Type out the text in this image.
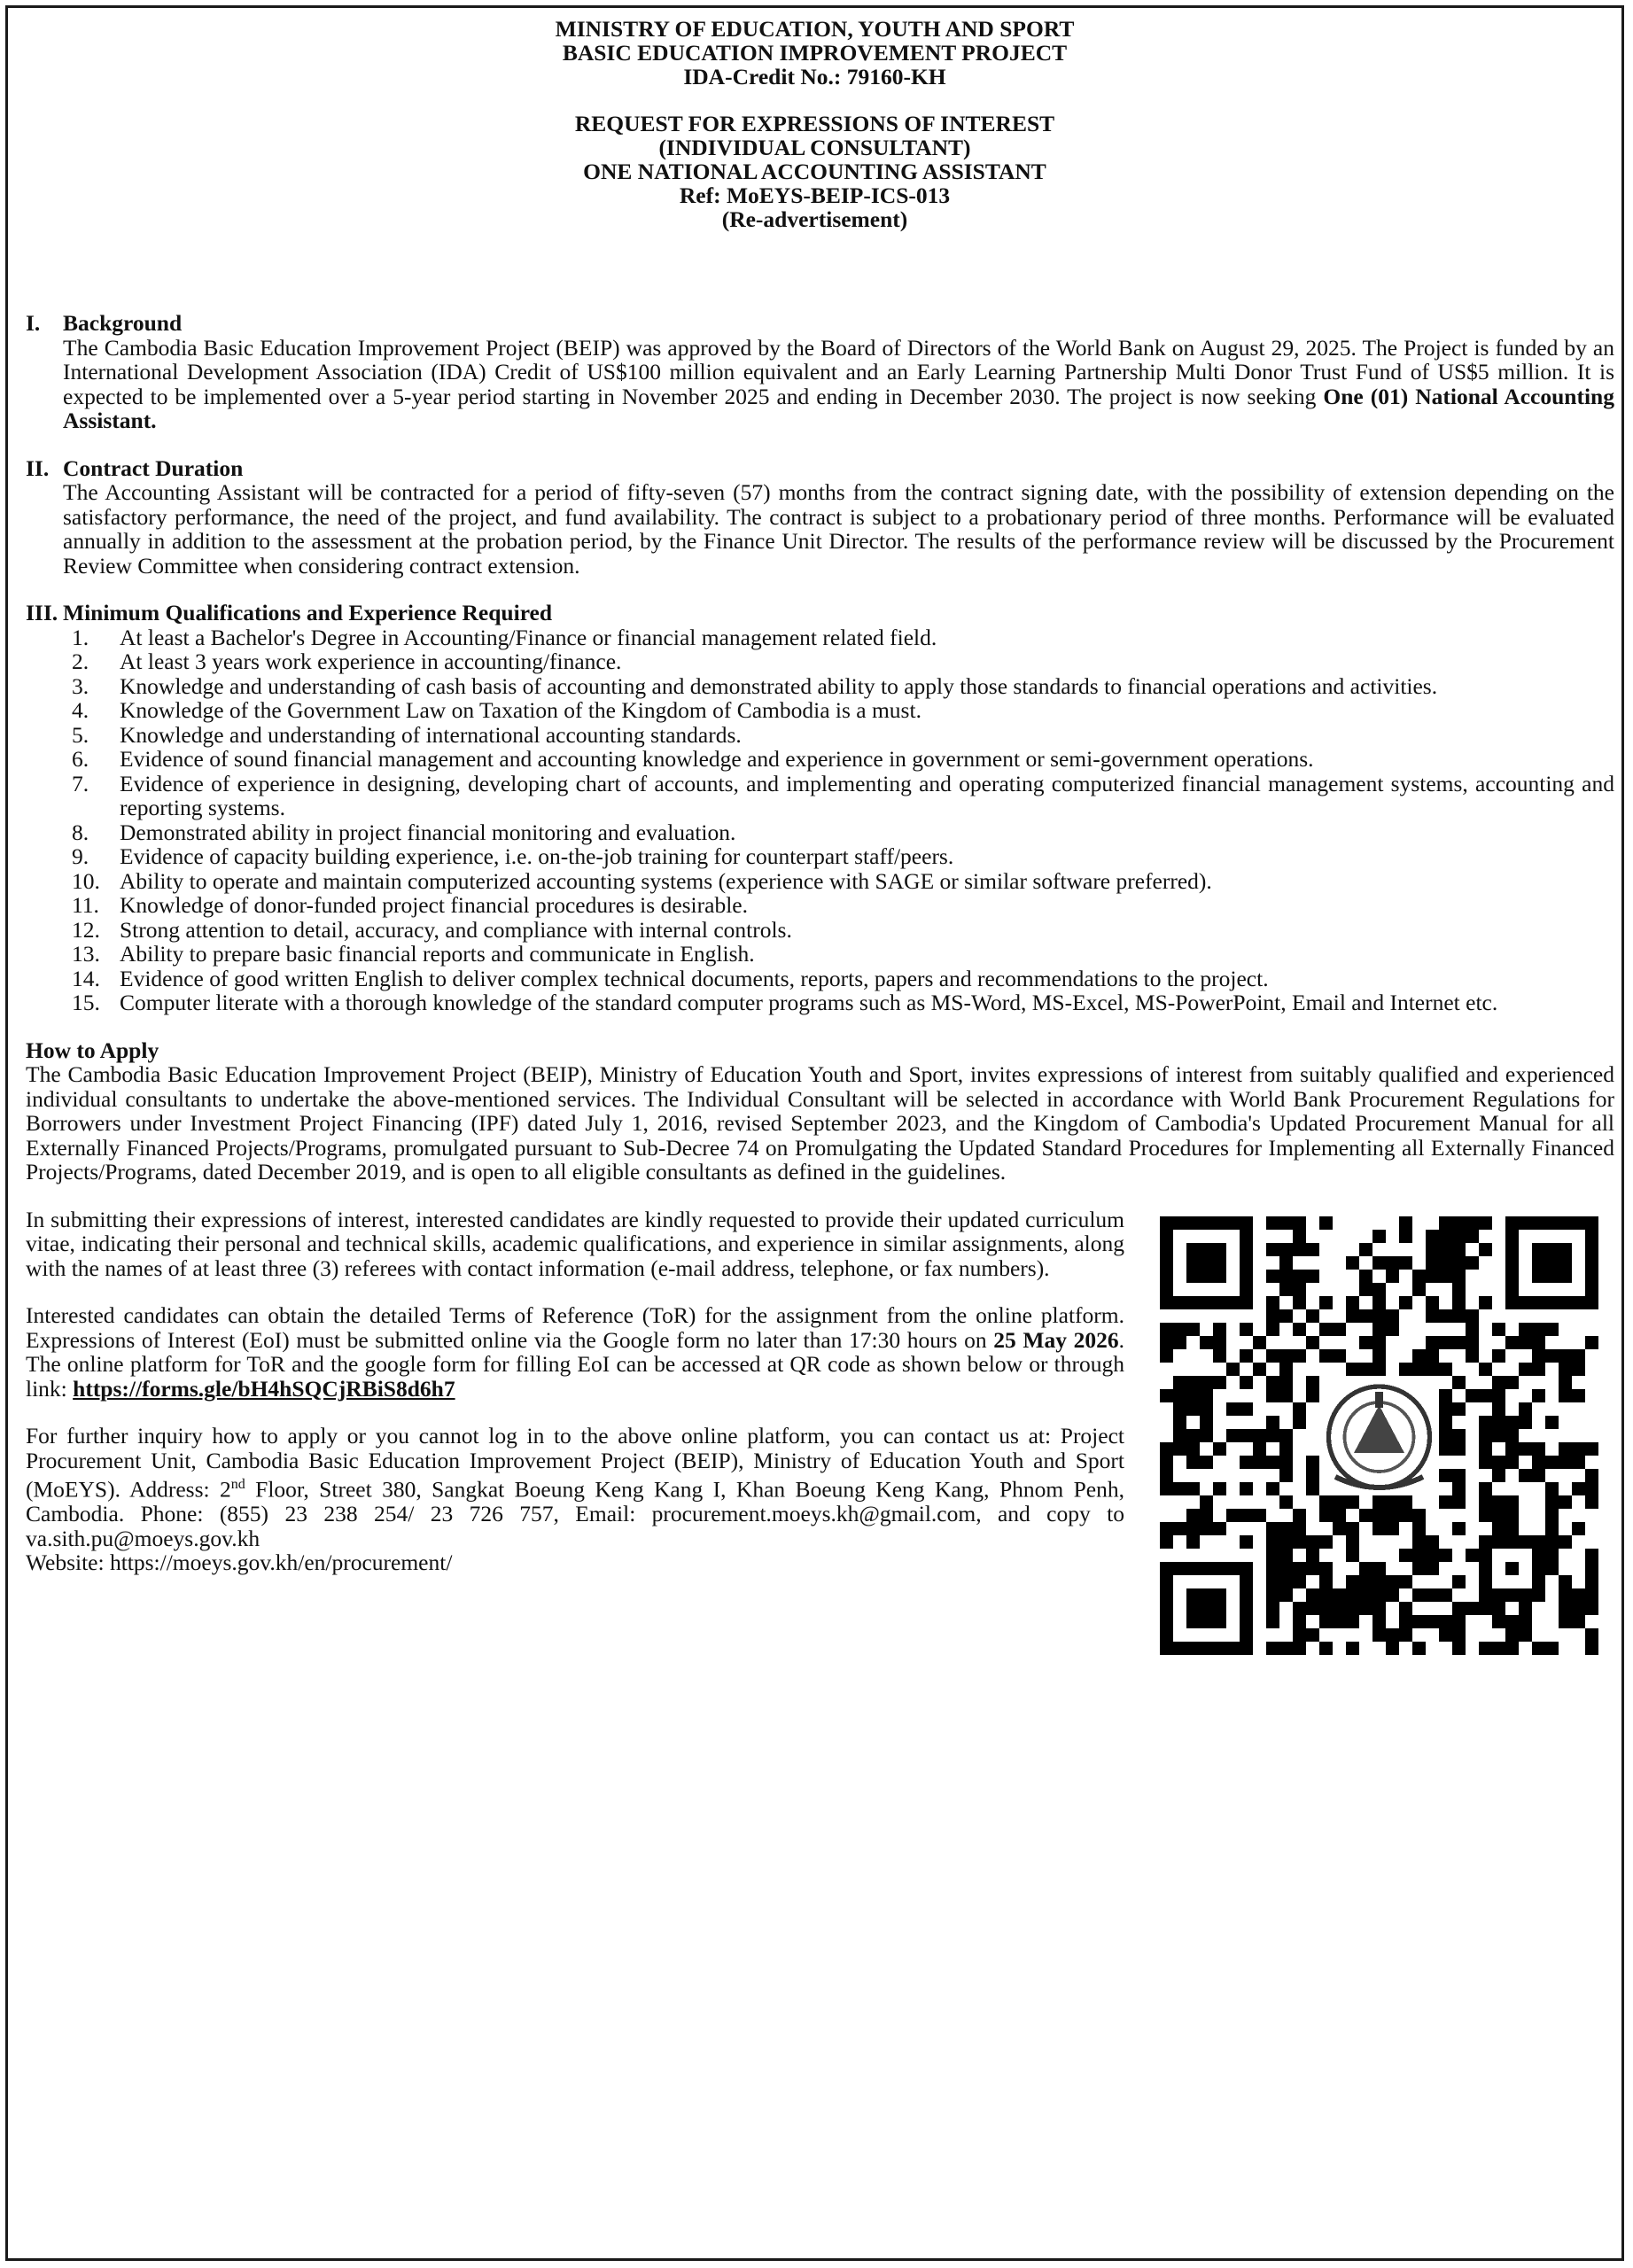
MINISTRY OF EDUCATION, YOUTH AND SPORT
BASIC EDUCATION IMPROVEMENT PROJECT
IDA-Credit No.: 79160-KH
REQUEST FOR EXPRESSIONS OF INTEREST
(INDIVIDUAL CONSULTANT)
ONE NATIONAL ACCOUNTING ASSISTANT
Ref: MoEYS-BEIP-ICS-013
(Re-advertisement)
I.	Background

The Cambodia Basic Education Improvement Project (BEIP) was approved by the Board of Directors of the World Bank on August 29, 2025. The Project is funded by an International Development Association (IDA) Credit of US$100 million equivalent and an Early Learning Partnership Multi Donor Trust Fund of US$5 million. It is expected to be implemented over a 5-year period starting in November 2025 and ending in December 2030. The project is now seeking One (01) National Accounting Assistant.

II. Contract Duration

The Accounting Assistant will be contracted for a period of fifty-seven (57) months from the contract signing date, with the possibility of extension depending on the satisfactory performance, the need of the project, and fund availability. The contract is subject to a probationary period of three months. Performance will be evaluated annually in addition to the assessment at the probation period, by the Finance Unit Director. The results of the performance review will be discussed by the Procurement Review Committee when considering contract extension.

III. Minimum Qualifications and Experience Required
1.	At least a Bachelor's Degree in Accounting/Finance or financial management related field.
2.	At least 3 years work experience in accounting/finance.
3.	Knowledge and understanding of cash basis of accounting and demonstrated ability to apply those standards to financial operations and activities.
4.	Knowledge of the Government Law on Taxation of the Kingdom of Cambodia is a must.
5.	Knowledge and understanding of international accounting standards.
6.	Evidence of sound financial management and accounting knowledge and experience in government or semi-government operations.
7.	Evidence of experience in designing, developing chart of accounts, and implementing and operating computerized financial management systems, accounting and reporting systems.
8.	Demonstrated ability in project financial monitoring and evaluation.
9.	Evidence of capacity building experience, i.e. on-the-job training for counterpart staff/peers.
10. Ability to operate and maintain computerized accounting systems (experience with SAGE or similar software preferred).
11. Knowledge of donor-funded project financial procedures is desirable.
12. Strong attention to detail, accuracy, and compliance with internal controls.
13. Ability to prepare basic financial reports and communicate in English.
14. Evidence of good written English to deliver complex technical documents, reports, papers and recommendations to the project.
15. Computer literate with a thorough knowledge of the standard computer programs such as MS-Word, MS-Excel, MS-PowerPoint, Email and Internet etc.
How to Apply

The Cambodia Basic Education Improvement Project (BEIP), Ministry of Education Youth and Sport, invites expressions of interest from suitably qualified and experienced individual consultants to undertake the above-mentioned services. The Individual Consultant will be selected in accordance with World Bank Procurement Regulations for Borrowers under Investment Project Financing (IPF) dated July 1, 2016, revised September 2023, and the Kingdom of Cambodia's Updated Procurement Manual for all Externally Financed Projects/Programs, promulgated pursuant to Sub-Decree 74 on Promulgating the Updated Standard Procedures for Implementing all Externally Financed Projects/Programs, dated December 2019, and is open to all eligible consultants as defined in the guidelines.

In submitting their expressions of interest, interested candidates are kindly requested to provide their updated curriculum vitae, indicating their personal and technical skills, academic qualifications, and experience in similar assignments, along with the names of at least three (3) referees with contact information (e-mail address, telephone, or fax numbers).

Interested candidates can obtain the detailed Terms of Reference (ToR) for the assignment from the online platform. Expressions of Interest (EoI) must be submitted online via the Google form no later than 17:30 hours on 25 May 2026. The online platform for ToR and the google form for filling EoI can be accessed at QR code as shown below or through link: https://forms.gle/bH4hSQCjRBiS8d6h7

For further inquiry how to apply or you cannot log in to the above online platform, you can contact us at: Project Procurement Unit, Cambodia Basic Education Improvement Project (BEIP), Ministry of Education Youth and Sport (MoEYS). Address: 2nd Floor, Street 380, Sangkat Boeung Keng Kang I, Khan Boeung Keng Kang, Phnom Penh, Cambodia. Phone: (855) 23 238 254/ 23 726 757, Email: procurement.moeys.kh@gmail.com, and copy to va.sith.pu@moeys.gov.kh

Website: https://moeys.gov.kh/en/procurement/
